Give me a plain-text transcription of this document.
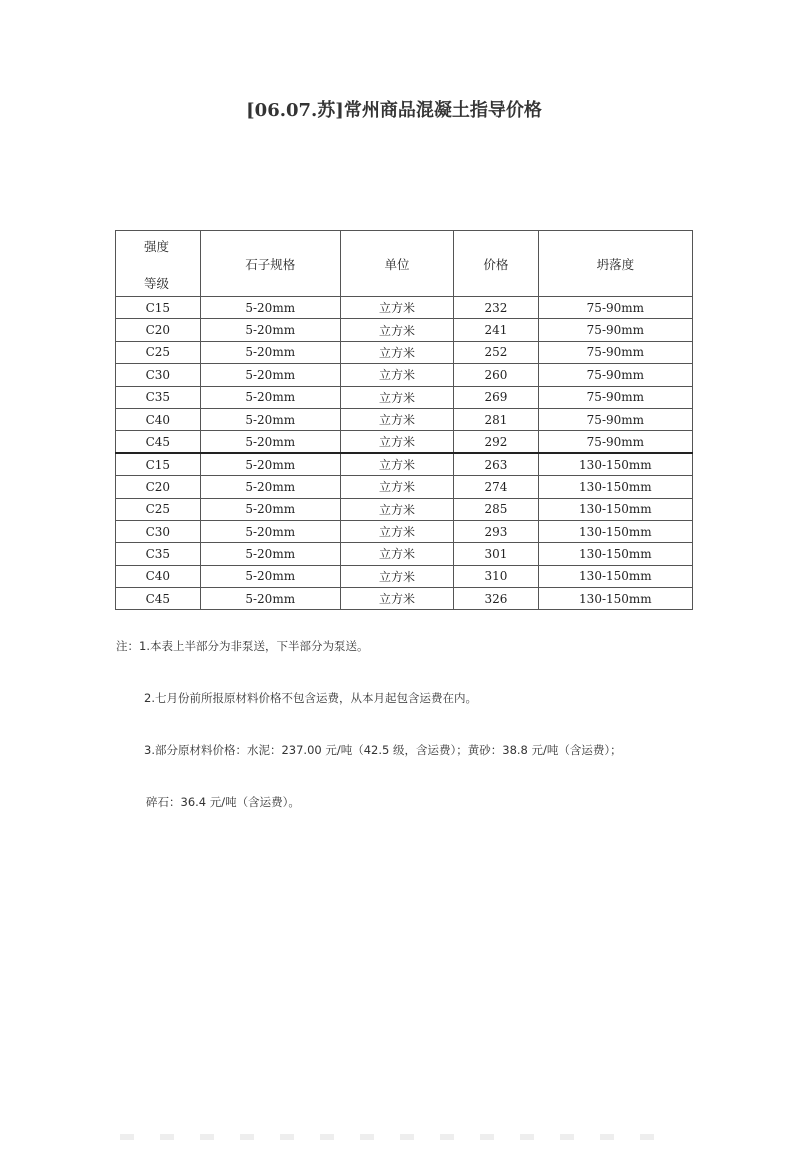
[06.07.苏]常州商品混凝土指导价格
强度
等级	石子规格	单位	价格	坍落度
C15	5-20mm	立方米	232	75-90mm
C20	5-20mm	立方米	241	75-90mm
C25	5-20mm	立方米	252	75-90mm
C30	5-20mm	立方米	260	75-90mm
C35	5-20mm	立方米	269	75-90mm
C40	5-20mm	立方米	281	75-90mm
C45	5-20mm	立方米	292	75-90mm
C15	5-20mm	立方米	263	130-150mm
C20	5-20mm	立方米	274	130-150mm
C25	5-20mm	立方米	285	130-150mm
C30	5-20mm	立方米	293	130-150mm
C35	5-20mm	立方米	301	130-150mm
C40	5-20mm	立方米	310	130-150mm
C45	5-20mm	立方米	326	130-150mm
注：1.本表上半部分为非泵送，下半部分为泵送。
2.七月份前所报原材料价格不包含运费，从本月起包含运费在内。
3.部分原材料价格：水泥：237.00 元/吨（42.5 级，含运费）；黄砂：38.8 元/吨（含运费）；
碎石：36.4 元/吨（含运费）。
